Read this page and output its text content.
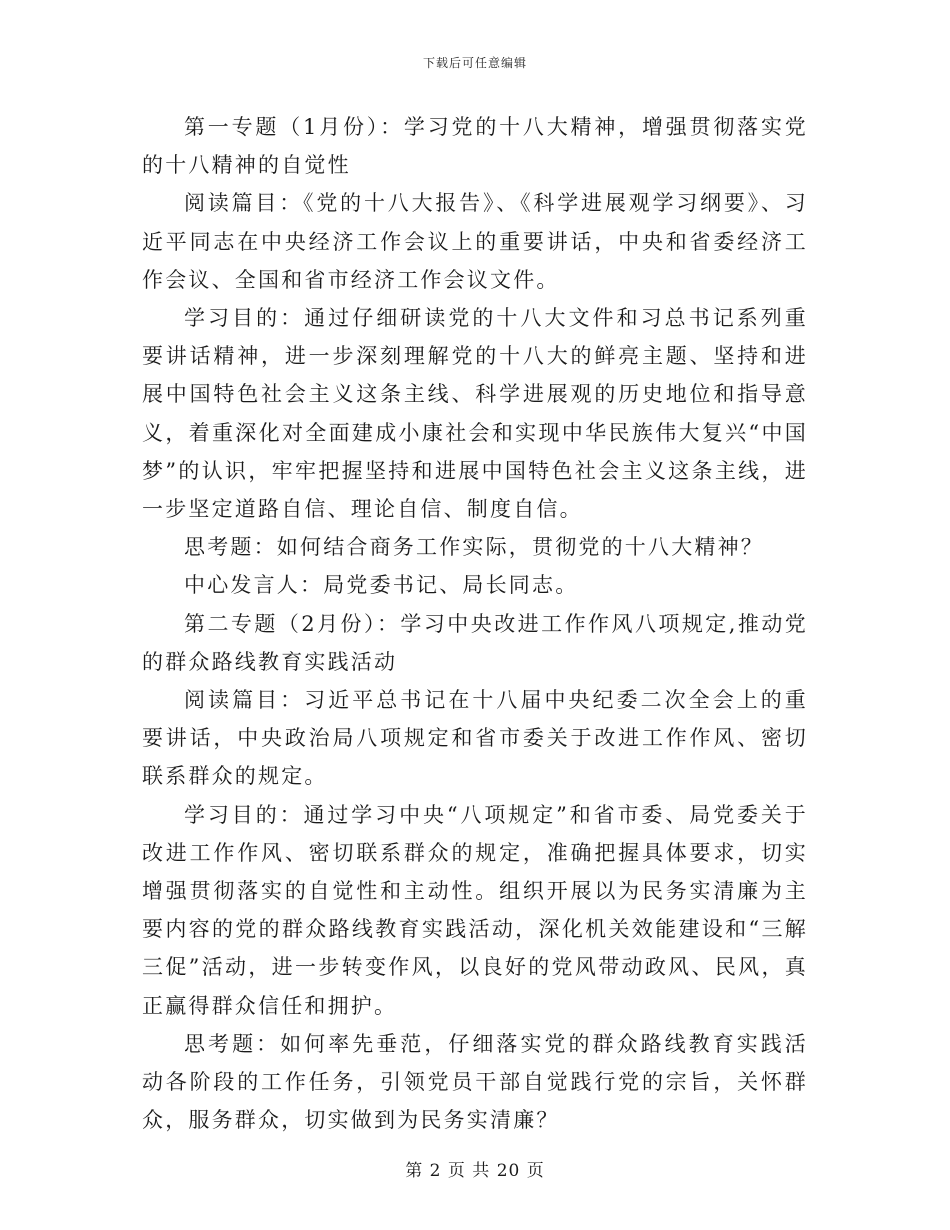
下载后可任意编辑

第一专题（1月份）：学习党的十八大精神，增强贯彻落实党的十八精神的自觉性

阅读篇目：《党的十八大报告》、《科学进展观学习纲要》、习近平同志在中央经济工作会议上的重要讲话，中央和省委经济工作会议、全国和省市经济工作会议文件。

学习目的：通过仔细研读党的十八大文件和习总书记系列重要讲话精神，进一步深刻理解党的十八大的鲜亮主题、坚持和进展中国特色社会主义这条主线、科学进展观的历史地位和指导意义，着重深化对全面建成小康社会和实现中华民族伟大复兴“中国梦”的认识，牢牢把握坚持和进展中国特色社会主义这条主线，进一步坚定道路自信、理论自信、制度自信。

思考题：如何结合商务工作实际，贯彻党的十八大精神？

中心发言人：局党委书记、局长同志。

第二专题（2月份）：学习中央改进工作作风八项规定,推动党的群众路线教育实践活动

阅读篇目：习近平总书记在十八届中央纪委二次全会上的重要讲话，中央政治局八项规定和省市委关于改进工作作风、密切联系群众的规定。

学习目的：通过学习中央“八项规定”和省市委、局党委关于改进工作作风、密切联系群众的规定，准确把握具体要求，切实增强贯彻落实的自觉性和主动性。组织开展以为民务实清廉为主要内容的党的群众路线教育实践活动，深化机关效能建设和“三解三促”活动，进一步转变作风，以良好的党风带动政风、民风，真正赢得群众信任和拥护。

思考题：如何率先垂范，仔细落实党的群众路线教育实践活动各阶段的工作任务，引领党员干部自觉践行党的宗旨，关怀群众，服务群众，切实做到为民务实清廉？

第 2 页 共 20 页
